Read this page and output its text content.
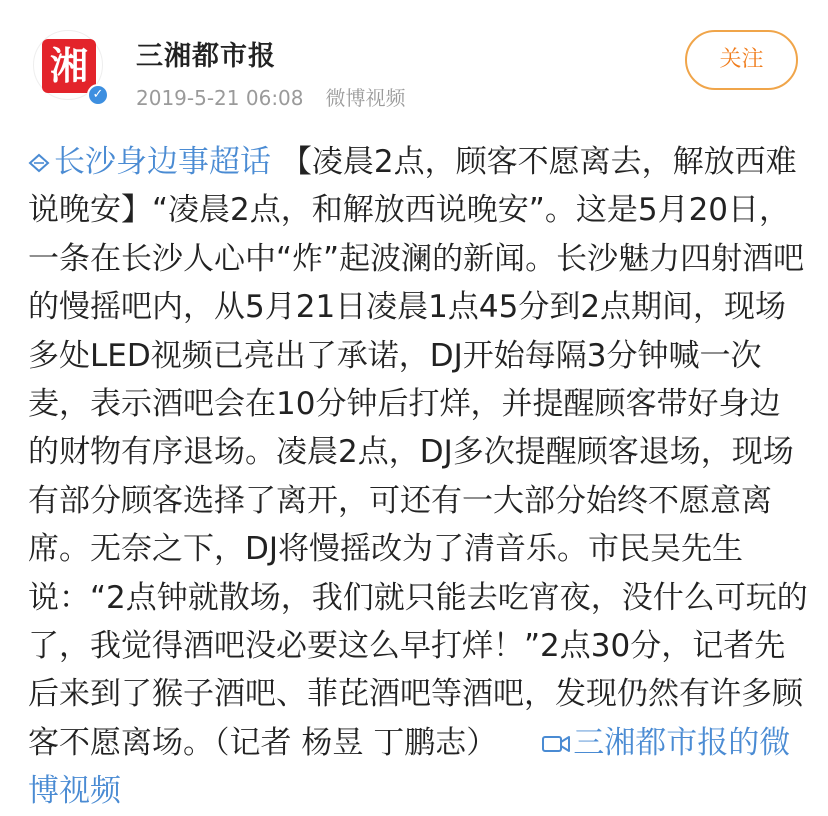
湘
✓
三湘都市报
2019-5-21 06:08 微博视频
关注
长沙身边事超话 【凌晨2点，顾客不愿离去，解放西难说晚安】“凌晨2点，和解放西说晚安”。这是5月20日，一条在长沙人心中“炸”起波澜的新闻。长沙魅力四射酒吧的慢摇吧内，从5月21日凌晨1点45分到2点期间，现场多处LED视频已亮出了承诺，DJ开始每隔3分钟喊一次麦，表示酒吧会在10分钟后打烊，并提醒顾客带好身边的财物有序退场。凌晨2点，DJ多次提醒顾客退场，现场有部分顾客选择了离开，可还有一大部分始终不愿意离席。无奈之下，DJ将慢摇改为了清音乐。市民吴先生说：“2点钟就散场，我们就只能去吃宵夜，没什么可玩的了，我觉得酒吧没必要这么早打烊！”2点30分，记者先后来到了猴子酒吧、菲芘酒吧等酒吧，发现仍然有许多顾客不愿离场。（记者 杨昱 丁鹏志） 三湘都市报的微博视频
